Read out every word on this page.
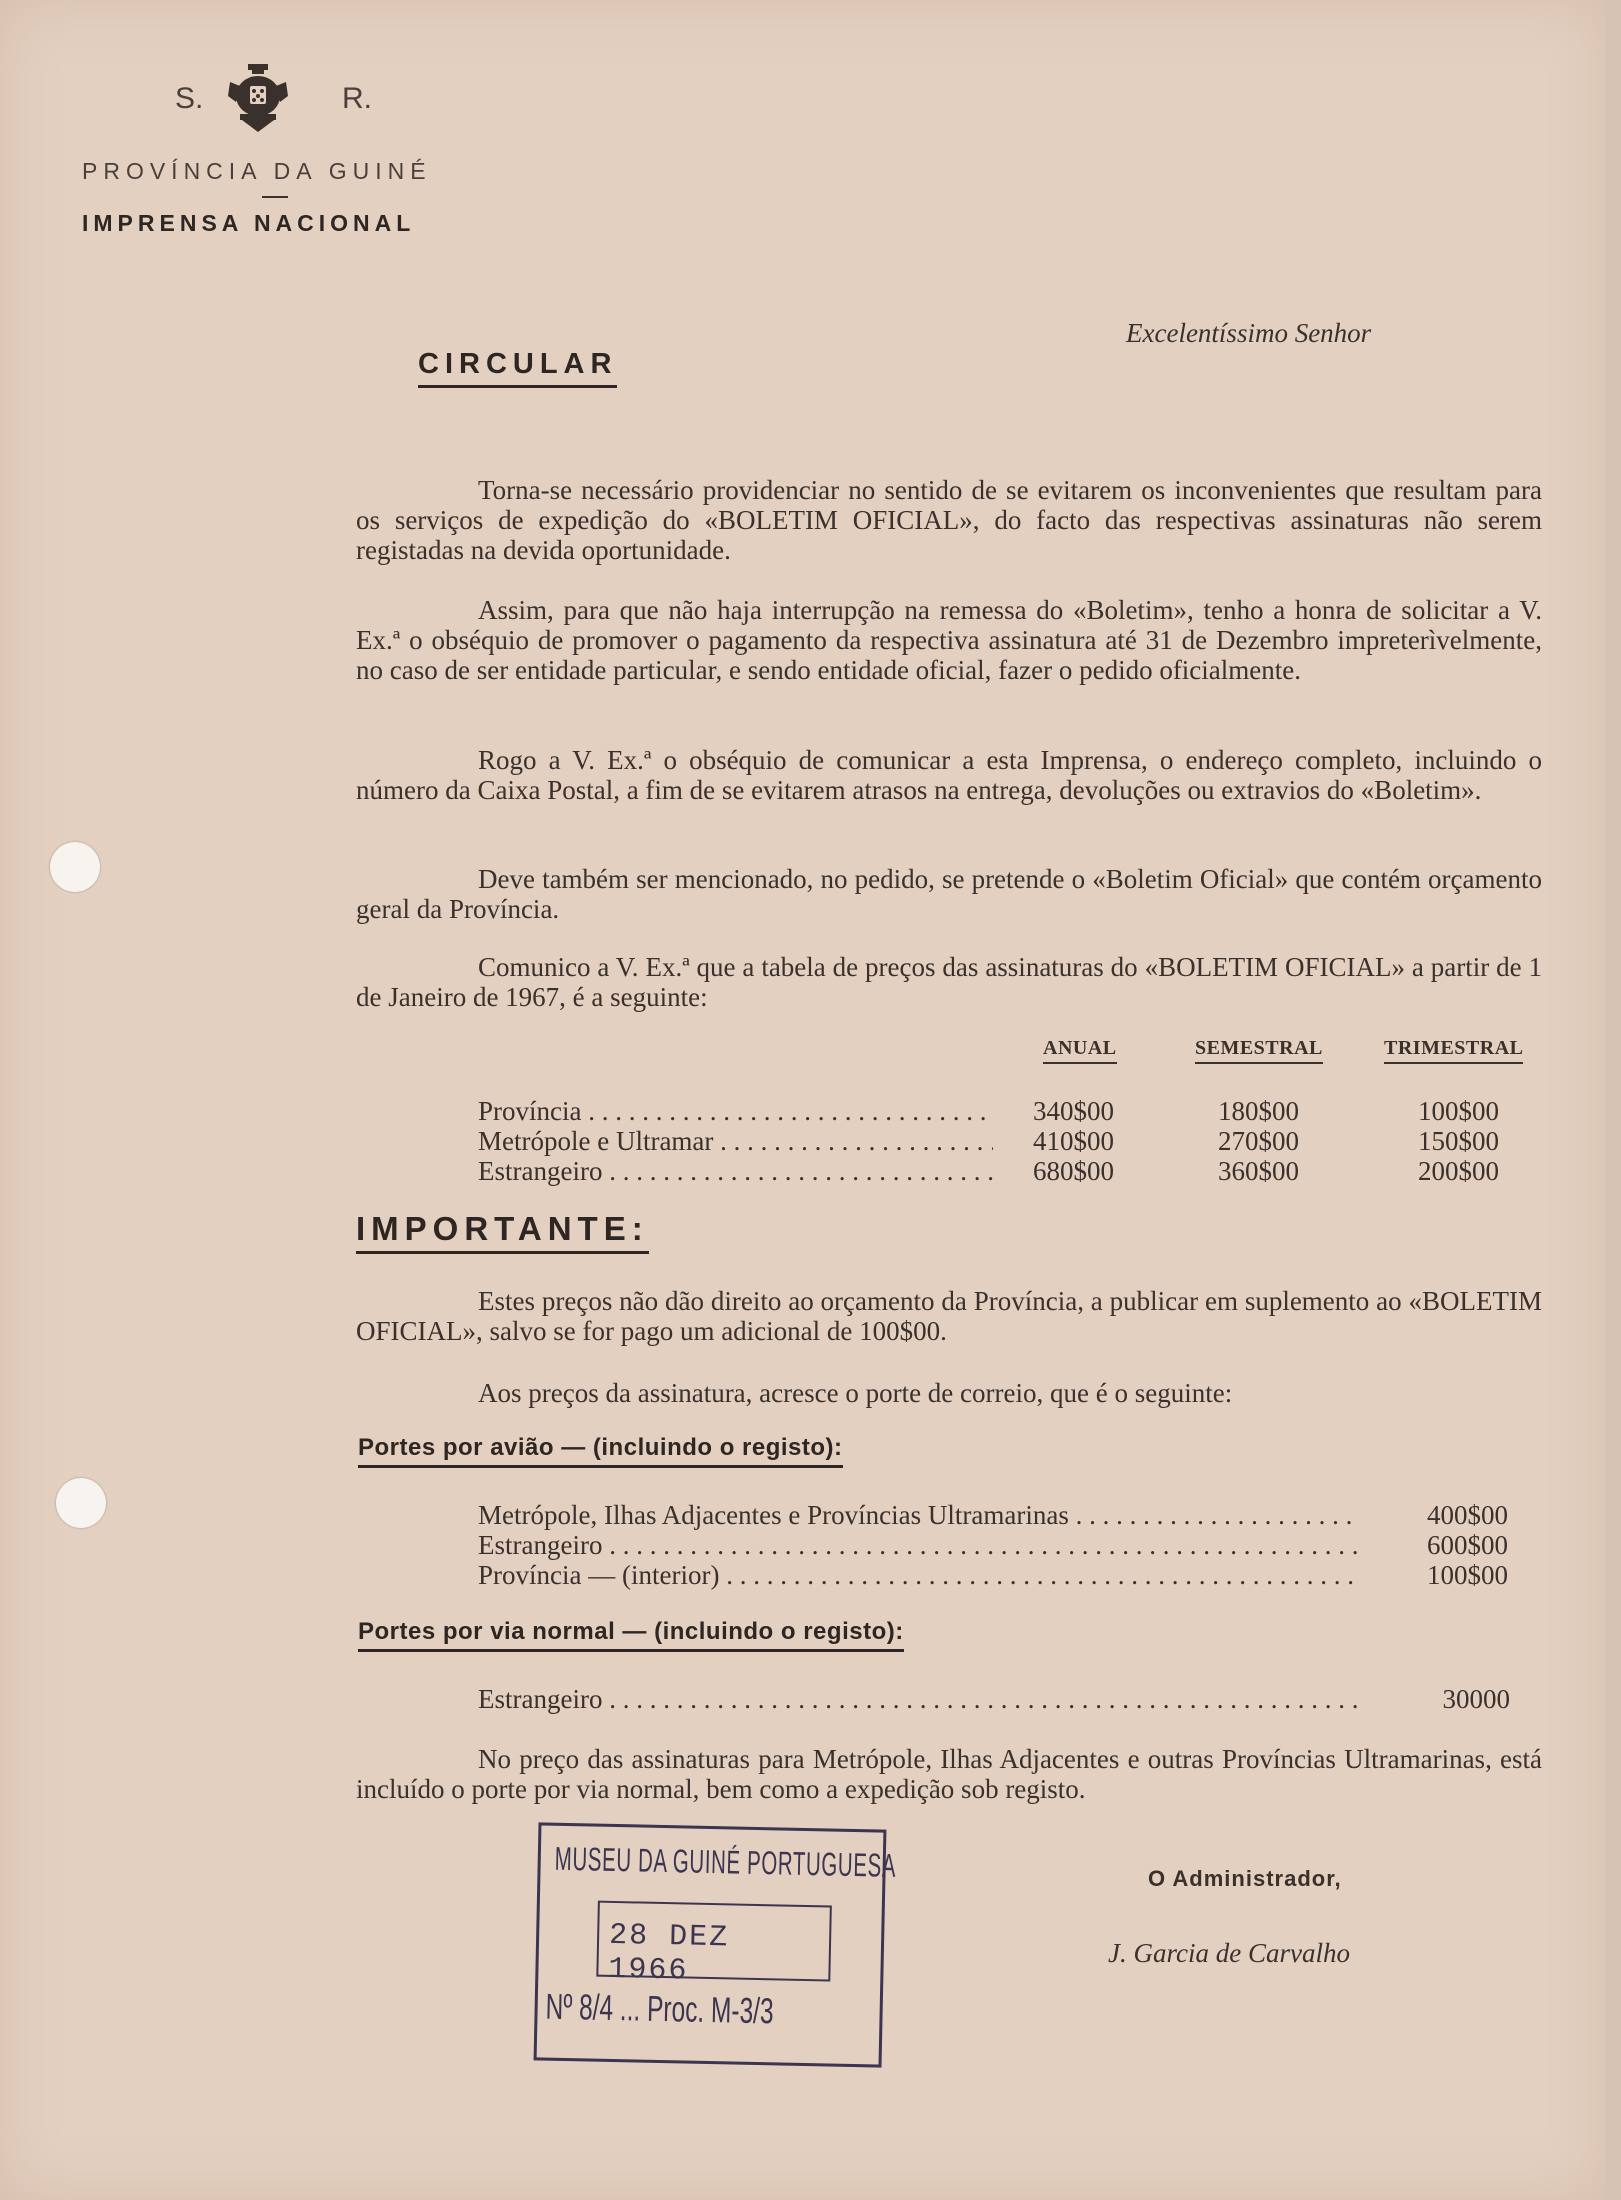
S.	R.
PROVÍNCIA DA GUINÉ
IMPRENSA NACIONAL
CIRCULAR
Excelentíssimo Senhor
Torna-se necessário providenciar no sentido de se evitarem os inconvenientes que resultam para os serviços de expedição do «BOLETIM OFICIAL», do facto das respectivas assinaturas não serem registadas na devida oportunidade.
Assim, para que não haja interrupção na remessa do «Boletim», tenho a honra de solicitar a V. Ex.ª o obséquio de promover o pagamento da respectiva assinatura até 31 de Dezembro impreterìvelmente, no caso de ser entidade particular, e sendo entidade oficial, fazer o pedido oficialmente.
Rogo a V. Ex.ª o obséquio de comunicar a esta Imprensa, o endereço completo, incluindo o número da Caixa Postal, a fim de se evitarem atrasos na entrega, devoluções ou extravios do «Boletim».
Deve também ser mencionado, no pedido, se pretende o «Boletim Oficial» que contém orçamento geral da Província.
Comunico a V. Ex.ª que a tabela de preços das assinaturas do «BOLETIM OFICIAL» a partir de 1 de Janeiro de 1967, é a seguinte:
ANUAL	SEMESTRAL	TRIMESTRAL
Província . . .	340$00	180$00	100$00
Metrópole e Ultramar . . .	410$00	270$00	150$00
Estrangeiro . . .	680$00	360$00	200$00
IMPORTANTE:
Estes preços não dão direito ao orçamento da Província, a publicar em suplemento ao «BOLETIM OFICIAL», salvo se for pago um adicional de 100$00.
Aos preços da assinatura, acresce o porte de correio, que é o seguinte:
Portes por avião — (incluindo o registo):
Metrópole, Ilhas Adjacentes e Províncias Ultramarinas . . .	400$00
Estrangeiro . . .	600$00
Província — (interior) . . .	100$00
Portes por via normal — (incluindo o registo):
Estrangeiro . . .	30000
No preço das assinaturas para Metrópole, Ilhas Adjacentes e outras Províncias Ultramarinas, está incluído o porte por via normal, bem como a expedição sob registo.
MUSEU DA GUINÉ PORTUGUESA
28 DEZ 1966
Nº 8/4 ... Proc. M-3/3
O Administrador,
J. Garcia de Carvalho
